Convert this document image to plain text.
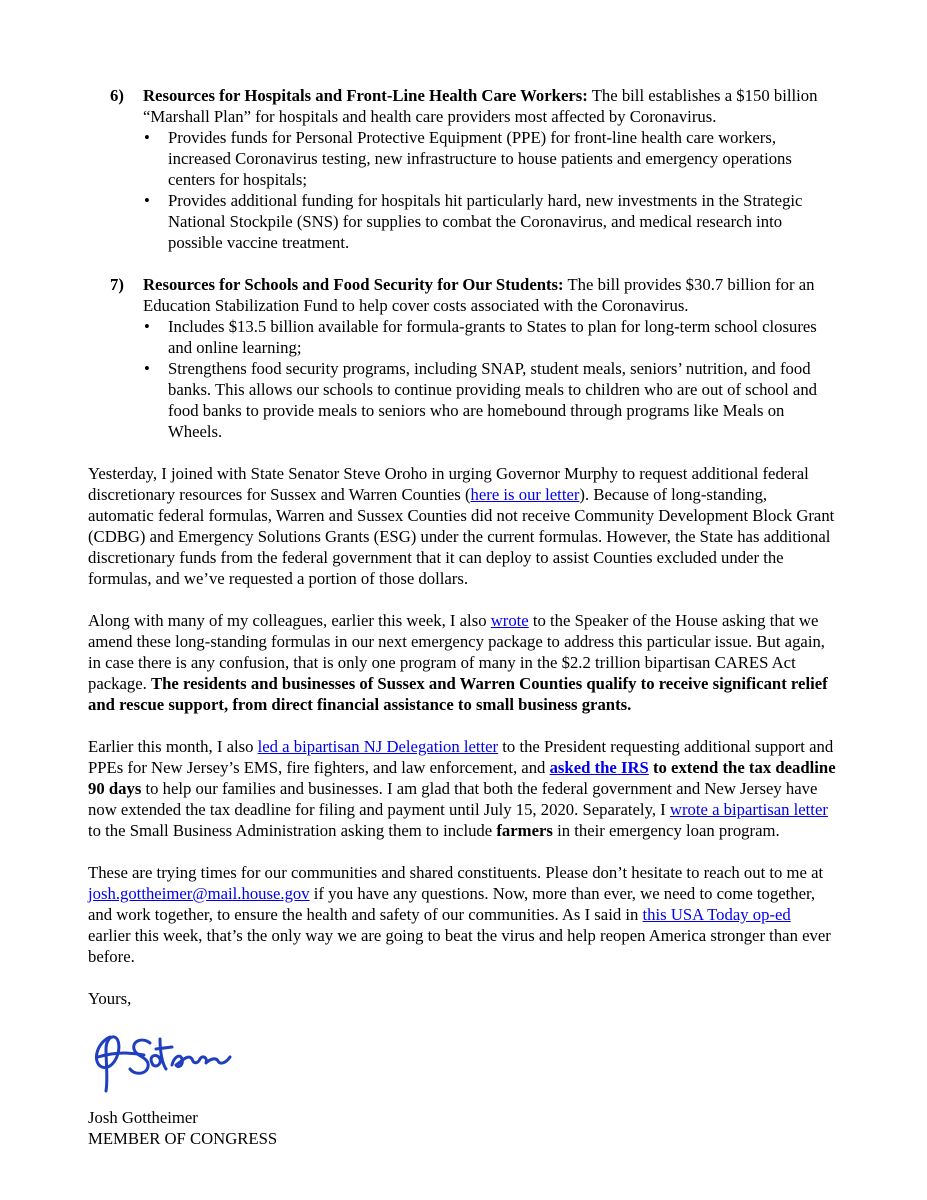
6) Resources for Hospitals and Front-Line Health Care Workers: The bill establishes a $150 billion “Marshall Plan” for hospitals and health care providers most affected by Coronavirus.

• Provides funds for Personal Protective Equipment (PPE) for front-line health care workers, increased Coronavirus testing, new infrastructure to house patients and emergency operations centers for hospitals;
• Provides additional funding for hospitals hit particularly hard, new investments in the Strategic National Stockpile (SNS) for supplies to combat the Coronavirus, and medical research into possible vaccine treatment.
7) Resources for Schools and Food Security for Our Students: The bill provides $30.7 billion for an Education Stabilization Fund to help cover costs associated with the Coronavirus.

• Includes $13.5 billion available for formula-grants to States to plan for long-term school closures and online learning;
• Strengthens food security programs, including SNAP, student meals, seniors’ nutrition, and food banks. This allows our schools to continue providing meals to children who are out of school and food banks to provide meals to seniors who are homebound through programs like Meals on Wheels.

Yesterday, I joined with State Senator Steve Oroho in urging Governor Murphy to request additional federal discretionary resources for Sussex and Warren Counties (here is our letter). Because of long-standing, automatic federal formulas, Warren and Sussex Counties did not receive Community Development Block Grant (CDBG) and Emergency Solutions Grants (ESG) under the current formulas. However, the State has additional discretionary funds from the federal government that it can deploy to assist Counties excluded under the formulas, and we’ve requested a portion of those dollars.

Along with many of my colleagues, earlier this week, I also wrote to the Speaker of the House asking that we amend these long-standing formulas in our next emergency package to address this particular issue. But again, in case there is any confusion, that is only one program of many in the $2.2 trillion bipartisan CARES Act package. The residents and businesses of Sussex and Warren Counties qualify to receive significant relief and rescue support, from direct financial assistance to small business grants.

Earlier this month, I also led a bipartisan NJ Delegation letter to the President requesting additional support and PPEs for New Jersey’s EMS, fire fighters, and law enforcement, and asked the IRS to extend the tax deadline 90 days to help our families and businesses. I am glad that both the federal government and New Jersey have now extended the tax deadline for filing and payment until July 15, 2020. Separately, I wrote a bipartisan letter to the Small Business Administration asking them to include farmers in their emergency loan program.

These are trying times for our communities and shared constituents. Please don’t hesitate to reach out to me at josh.gottheimer@mail.house.gov if you have any questions. Now, more than ever, we need to come together, and work together, to ensure the health and safety of our communities. As I said in this USA Today op-ed earlier this week, that’s the only way we are going to beat the virus and help reopen America stronger than ever before.

Yours,

Josh Gottheimer

MEMBER OF CONGRESS
